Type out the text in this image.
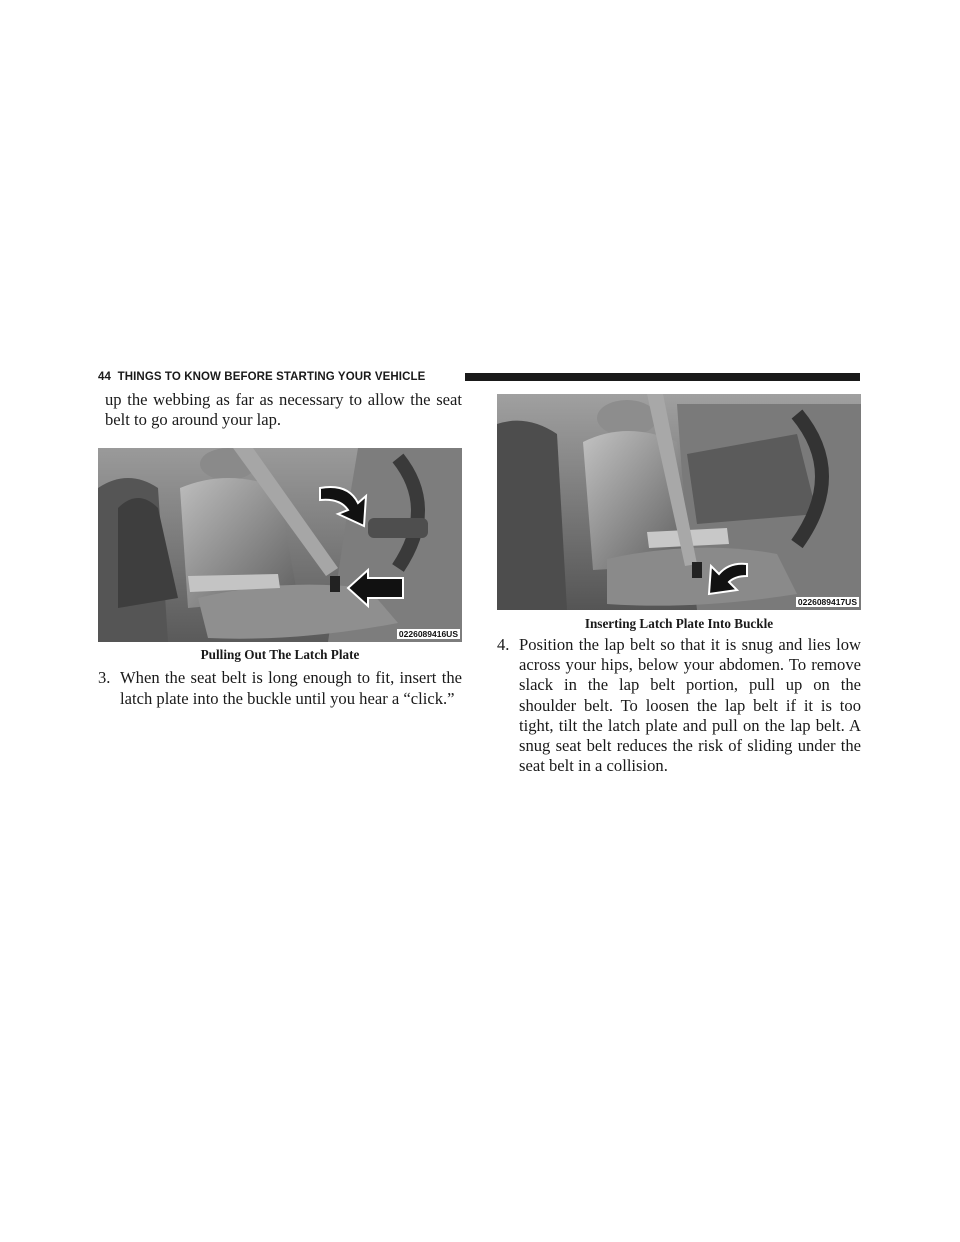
44 THINGS TO KNOW BEFORE STARTING YOUR VEHICLE

up the webbing as far as necessary to allow the seat belt to go around your lap.

0226089416US
Pulling Out The Latch Plate

3. When the seat belt is long enough to fit, insert the latch plate into the buckle until you hear a “click.”

0226089417US
Inserting Latch Plate Into Buckle

4. Position the lap belt so that it is snug and lies low across your hips, below your abdomen. To remove slack in the lap belt portion, pull up on the shoulder belt. To loosen the lap belt if it is too tight, tilt the latch plate and pull on the lap belt. A snug seat belt reduces the risk of sliding under the seat belt in a collision.
